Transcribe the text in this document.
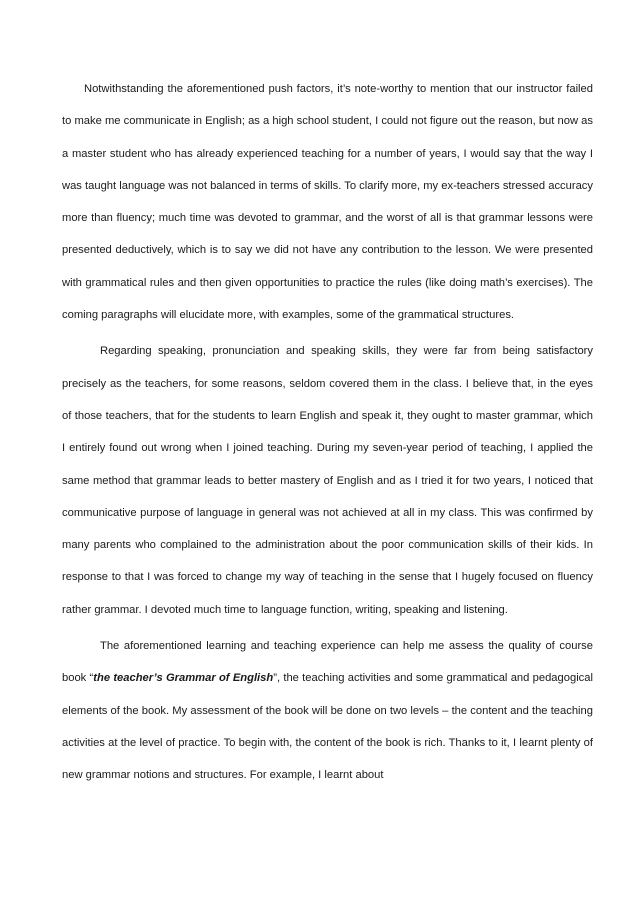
Notwithstanding the aforementioned push factors, it’s note-worthy to mention that our instructor failed to make me communicate in English; as a high school student, I could not figure out the reason, but now as a master student who has already experienced teaching for a number of years, I would say that the way I was taught language was not balanced in terms of skills. To clarify more, my ex-teachers stressed accuracy more than fluency; much time was devoted to grammar, and the worst of all is that grammar lessons were presented deductively, which is to say we did not have any contribution to the lesson. We were presented with grammatical rules and then given opportunities to practice the rules (like doing math’s exercises). The coming paragraphs will elucidate more, with examples, some of the grammatical structures.

Regarding speaking, pronunciation and speaking skills, they were far from being satisfactory precisely as the teachers, for some reasons, seldom covered them in the class. I believe that, in the eyes of those teachers, that for the students to learn English and speak it, they ought to master grammar, which I entirely found out wrong when I joined teaching. During my seven-year period of teaching, I applied the same method that grammar leads to better mastery of English and as I tried it for two years, I noticed that communicative purpose of language in general was not achieved at all in my class. This was confirmed by many parents who complained to the administration about the poor communication skills of their kids. In response to that I was forced to change my way of teaching in the sense that I hugely focused on fluency rather grammar. I devoted much time to language function, writing, speaking and listening.

The aforementioned learning and teaching experience can help me assess the quality of course book “the teacher’s Grammar of English”, the teaching activities and some grammatical and pedagogical elements of the book. My assessment of the book will be done on two levels – the content and the teaching activities at the level of practice. To begin with, the content of the book is rich. Thanks to it, I learnt plenty of new grammar notions and structures. For example, I learnt about
